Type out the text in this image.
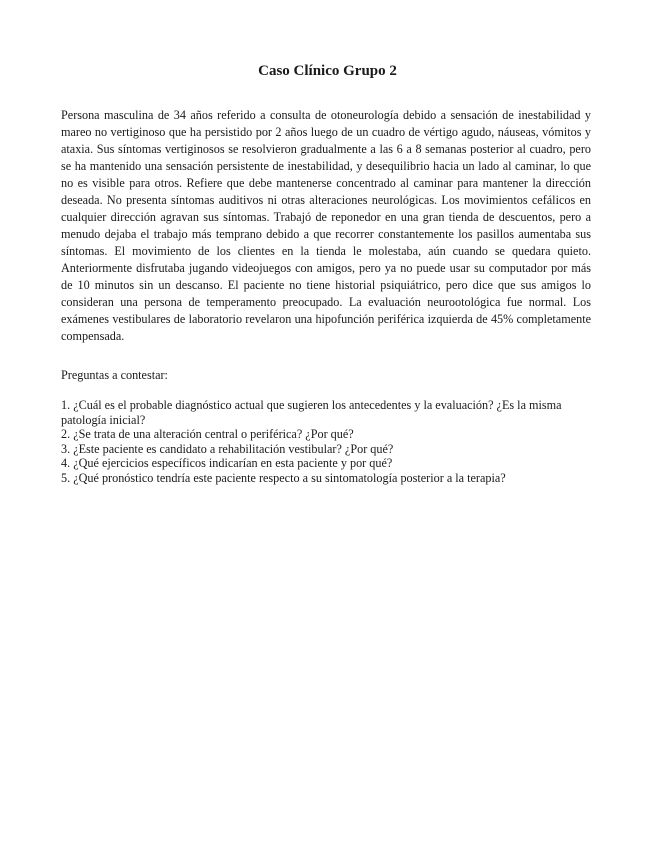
Caso Clínico Grupo 2

Persona masculina de 34 años referido a consulta de otoneurología debido a sensación de inestabilidad y mareo no vertiginoso que ha persistido por 2 años luego de un cuadro de vértigo agudo, náuseas, vómitos y ataxia. Sus síntomas vertiginosos se resolvieron gradualmente a las 6 a 8 semanas posterior al cuadro, pero se ha mantenido una sensación persistente de inestabilidad, y desequilibrio hacia un lado al caminar, lo que no es visible para otros. Refiere que debe mantenerse concentrado al caminar para mantener la dirección deseada. No presenta síntomas auditivos ni otras alteraciones neurológicas. Los movimientos cefálicos en cualquier dirección agravan sus síntomas. Trabajó de reponedor en una gran tienda de descuentos, pero a menudo dejaba el trabajo más temprano debido a que recorrer constantemente los pasillos aumentaba sus síntomas. El movimiento de los clientes en la tienda le molestaba, aún cuando se quedara quieto. Anteriormente disfrutaba jugando videojuegos con amigos, pero ya no puede usar su computador por más de 10 minutos sin un descanso. El paciente no tiene historial psiquiátrico, pero dice que sus amigos lo consideran una persona de temperamento preocupado. La evaluación neurootológica fue normal. Los exámenes vestibulares de laboratorio revelaron una hipofunción periférica izquierda de 45% completamente compensada.

Preguntas a contestar:

1. ¿Cuál es el probable diagnóstico actual que sugieren los antecedentes y la evaluación? ¿Es la misma patología inicial?
2. ¿Se trata de una alteración central o periférica? ¿Por qué?
3. ¿Este paciente es candidato a rehabilitación vestibular? ¿Por qué?
4. ¿Qué ejercicios específicos indicarían en esta paciente y por qué?
5. ¿Qué pronóstico tendría este paciente respecto a su sintomatología posterior a la terapia?
